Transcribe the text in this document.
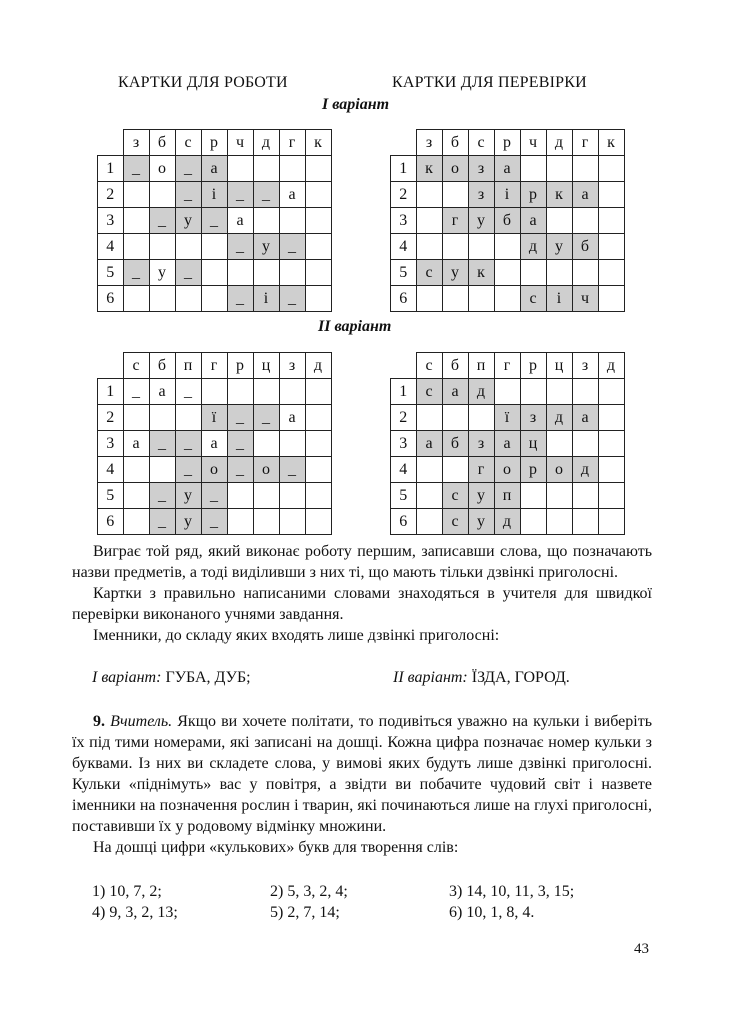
КАРТКИ ДЛЯ РОБОТИ	КАРТКИ ДЛЯ ПЕРЕВІРКИ
І варіант
	з	б	с	р	ч	д	г	к
1	_	о	_	а				
2			_	і	_	_	а	
3		_	у	_	а			
4					_	у	_	
5	_	у	_					
6					_	і	_	
	з	б	с	р	ч	д	г	к
1	к	о	з	а				
2			з	і	р	к	а	
3		г	у	б	а			
4					д	у	б	
5	с	у	к					
6					с	і	ч	
ІІ варіант
	с	б	п	г	р	ц	з	д
1	_	а	_					
2				ї	_	_	а	
3	а	_	_	а	_			
4			_	о	_	о	_	
5		_	у	_				
6		_	у	_				
	с	б	п	г	р	ц	з	д
1	с	а	д					
2				ї	з	д	а	
3	а	б	з	а	ц			
4			г	о	р	о	д	
5		с	у	п				
6		с	у	д				

Виграє той ряд, який виконає роботу першим, записавши слова, що позначають назви предметів, а тоді виділивши з них ті, що мають тільки дзвінкі приголосні.

Картки з правильно написаними словами знаходяться в учителя для швидкої перевірки виконаного учнями завдання.

Іменники, до складу яких входять лише дзвінкі приголосні:

І варіант: ГУБА, ДУБ;	ІІ варіант: ЇЗДА, ГОРОД.

9. Вчитель. Якщо ви хочете політати, то подивіться уважно на кульки і виберіть їх під тими номерами, які записані на дошці. Кожна цифра позначає номер кульки з буквами. Із них ви складете слова, у вимові яких будуть лише дзвінкі приголосні. Кульки «піднімуть» вас у повітря, а звідти ви побачите чудовий світ і назвете іменники на позначення рослин і тварин, які починаються лише на глухі приголосні, поставивши їх у родовому відмінку множини.

На дошці цифри «кулькових» букв для творення слів:

1) 10, 7, 2;	2) 5, 3, 2, 4;	3) 14, 10, 11, 3, 15;
4) 9, 3, 2, 13;	5) 2, 7, 14;	6) 10, 1, 8, 4.
43
